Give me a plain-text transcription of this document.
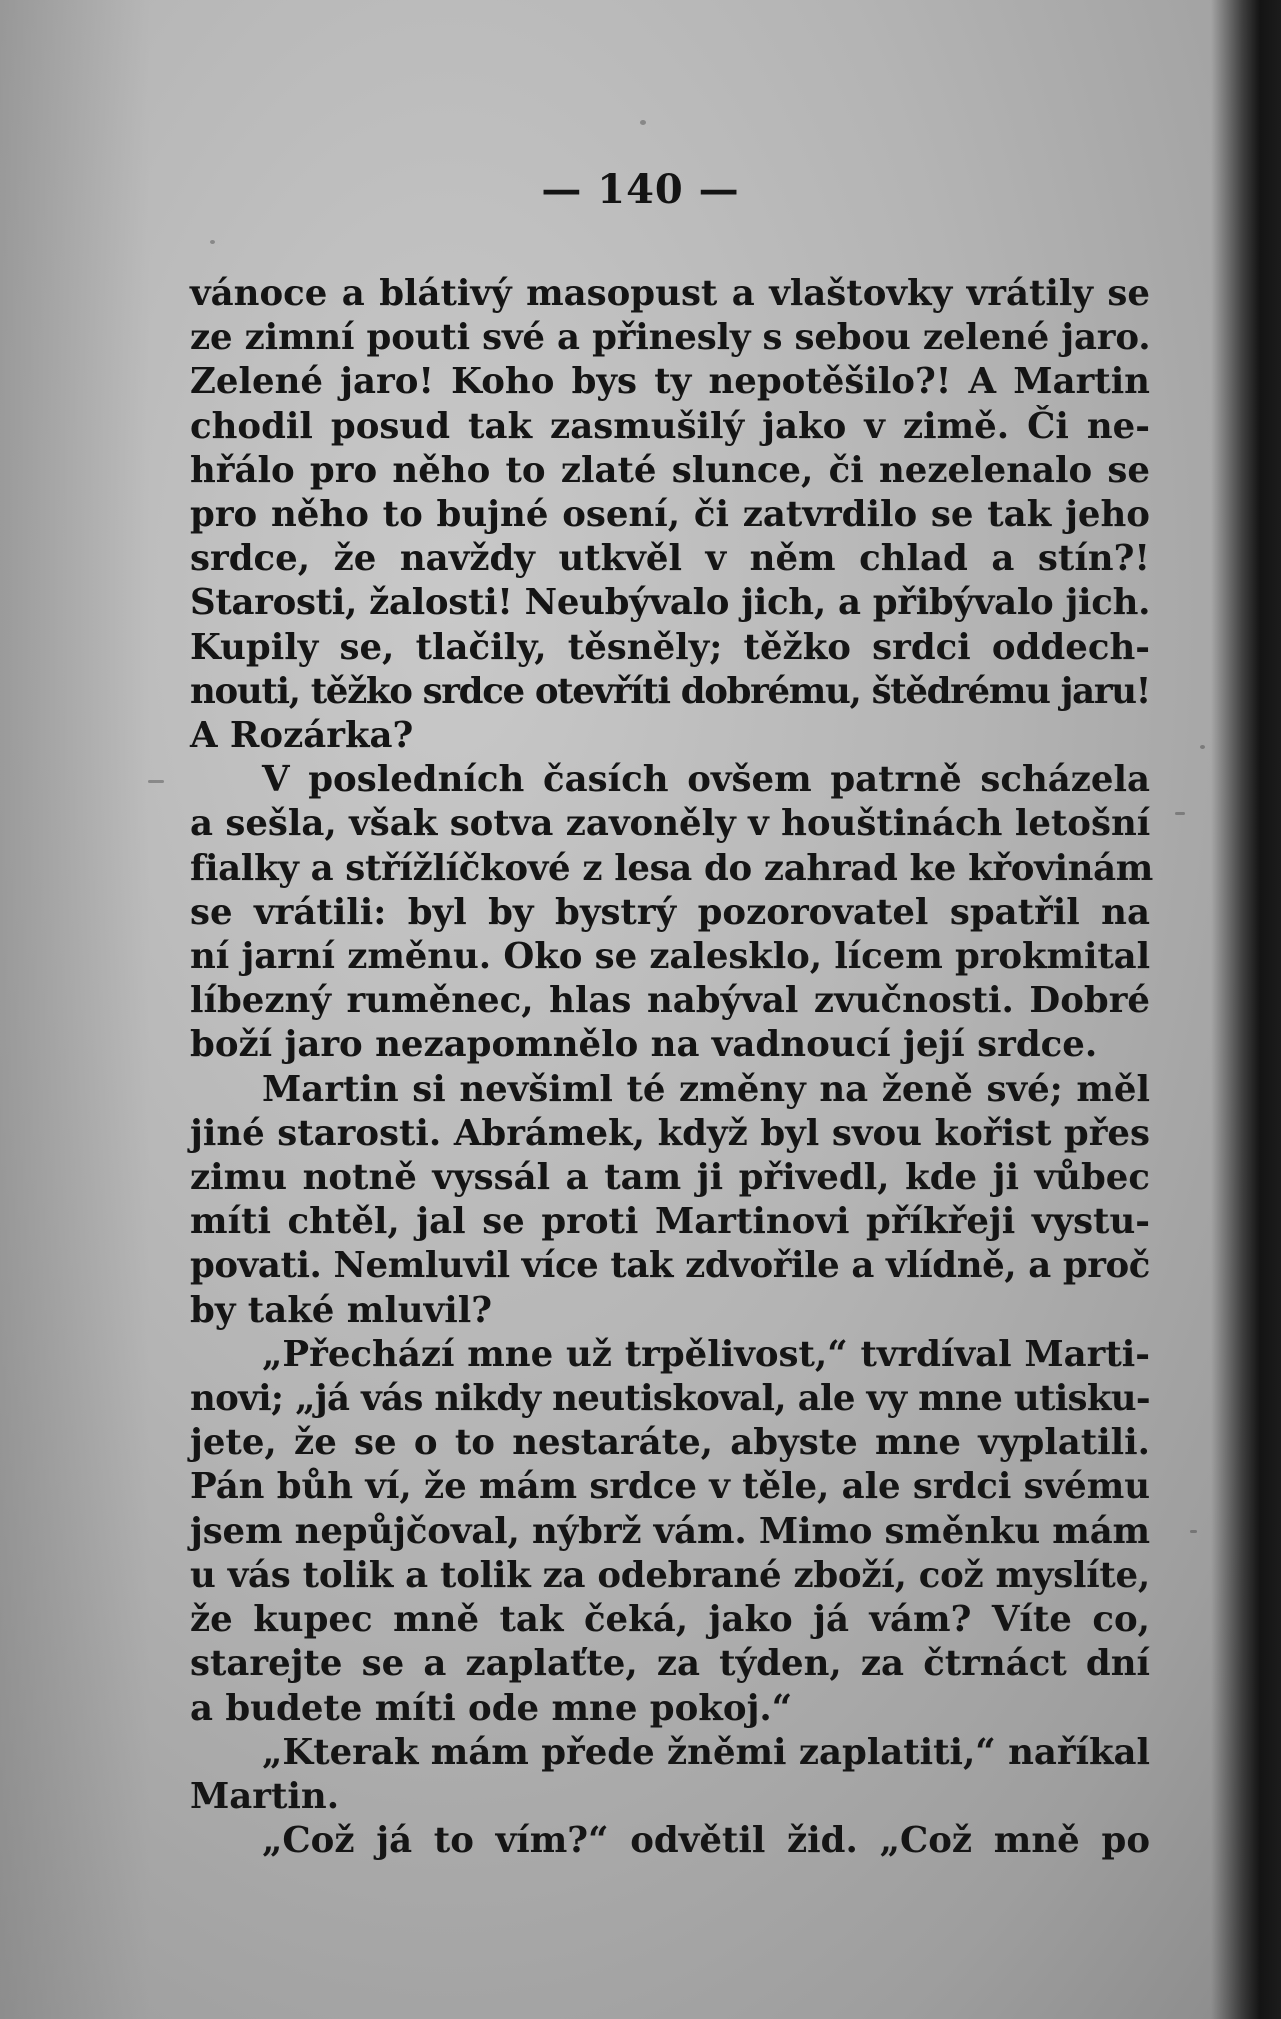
— 140 —
vánoce a blátivý masopust a vlaštovky vrátily se
ze zimní pouti své a přinesly s sebou zelené jaro.
Zelené jaro! Koho bys ty nepotěšilo?! A Martin
chodil posud tak zasmušilý jako v zimě. Či ne-
hřálo pro něho to zlaté slunce, či nezelenalo se
pro něho to bujné osení, či zatvrdilo se tak jeho
srdce, že navždy utkvěl v něm chlad a stín?!
Starosti, žalosti! Neubývalo jich, a přibývalo jich.
Kupily se, tlačily, těsněly; těžko srdci oddech-
nouti, těžko srdce otevříti dobrému, štědrému jaru!
A Rozárka?
V posledních časích ovšem patrně scházela
a sešla, však sotva zavoněly v houštinách letošní
fialky a střížlíčkové z lesa do zahrad ke křovinám
se vrátili: byl by bystrý pozorovatel spatřil na
ní jarní změnu. Oko se zalesklo, lícem prokmital
líbezný ruměnec, hlas nabýval zvučnosti. Dobré
boží jaro nezapomnělo na vadnoucí její srdce.
Martin si nevšiml té změny na ženě své; měl
jiné starosti. Abrámek, když byl svou kořist přes
zimu notně vyssál a tam ji přivedl, kde ji vůbec
míti chtěl, jal se proti Martinovi příkřeji vystu-
povati. Nemluvil více tak zdvořile a vlídně, a proč
by také mluvil?
„Přechází mne už trpělivost,“ tvrdíval Marti-
novi; „já vás nikdy neutiskoval, ale vy mne utisku-
jete, že se o to nestaráte, abyste mne vyplatili.
Pán bůh ví, že mám srdce v těle, ale srdci svému
jsem nepůjčoval, nýbrž vám. Mimo směnku mám
u vás tolik a tolik za odebrané zboží, což myslíte,
že kupec mně tak čeká, jako já vám? Víte co,
starejte se a zaplaťte, za týden, za čtrnáct dní
a budete míti ode mne pokoj.“
„Kterak mám přede žněmi zaplatiti,“ naříkal
Martin.
„Což já to vím?“ odvětil žid. „Což mně po
